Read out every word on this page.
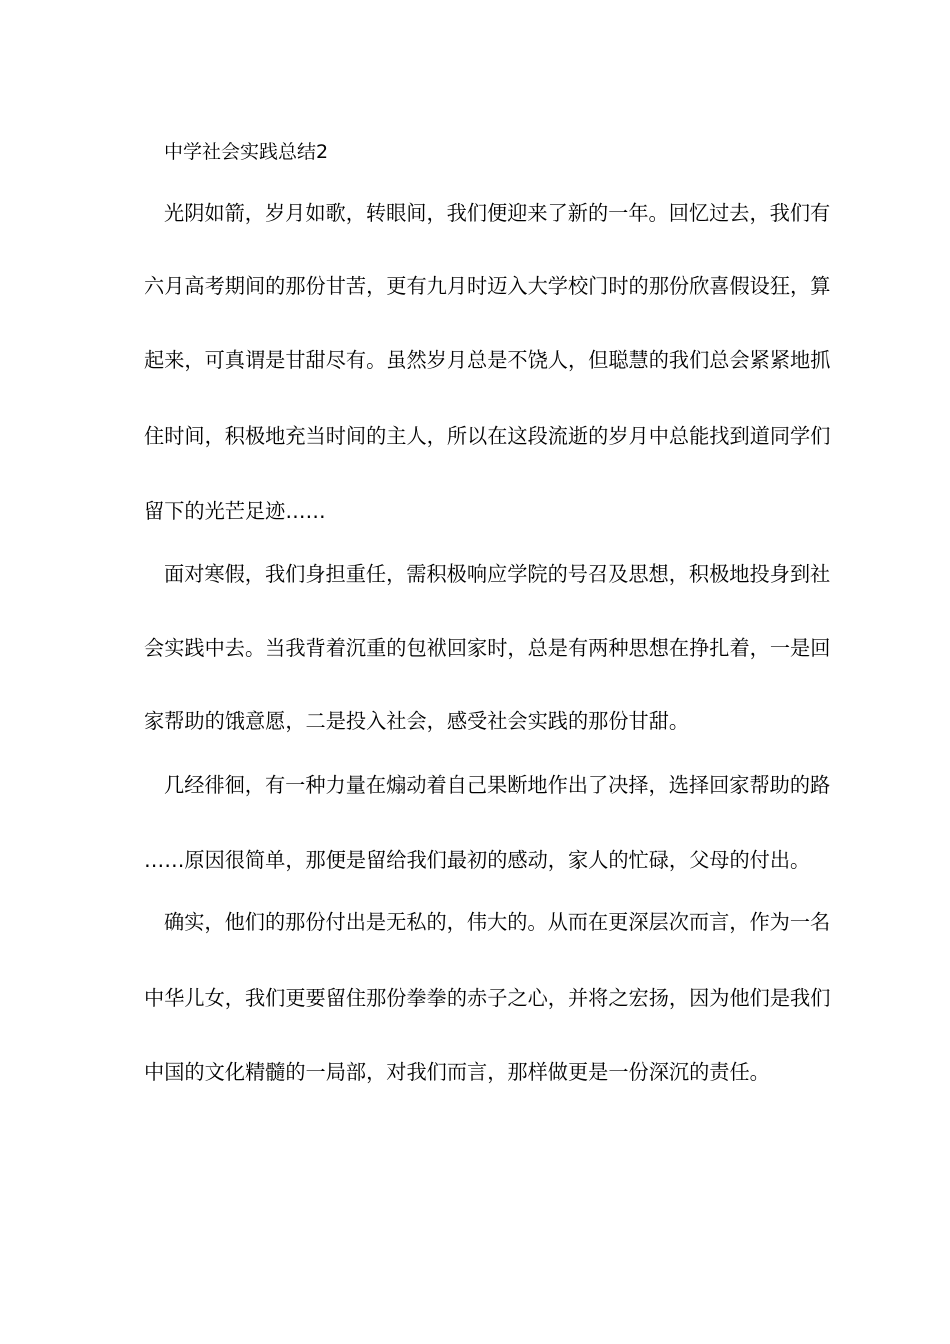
中学社会实践总结2
光阴如箭，岁月如歌，转眼间，我们便迎来了新的一年。回忆过去，我们有
六月高考期间的那份甘苦，更有九月时迈入大学校门时的那份欣喜假设狂，算
起来，可真谓是甘甜尽有。虽然岁月总是不饶人，但聪慧的我们总会紧紧地抓
住时间，积极地充当时间的主人，所以在这段流逝的岁月中总能找到道同学们
留下的光芒足迹……
面对寒假，我们身担重任，需积极响应学院的号召及思想，积极地投身到社
会实践中去。当我背着沉重的包袱回家时，总是有两种思想在挣扎着，一是回
家帮助的饿意愿，二是投入社会，感受社会实践的那份甘甜。
几经徘徊，有一种力量在煽动着自己果断地作出了决择，选择回家帮助的路
……原因很简单，那便是留给我们最初的感动，家人的忙碌，父母的付出。
确实，他们的那份付出是无私的，伟大的。从而在更深层次而言，作为一名
中华儿女，我们更要留住那份拳拳的赤子之心，并将之宏扬，因为他们是我们
中国的文化精髓的一局部，对我们而言，那样做更是一份深沉的责任。
